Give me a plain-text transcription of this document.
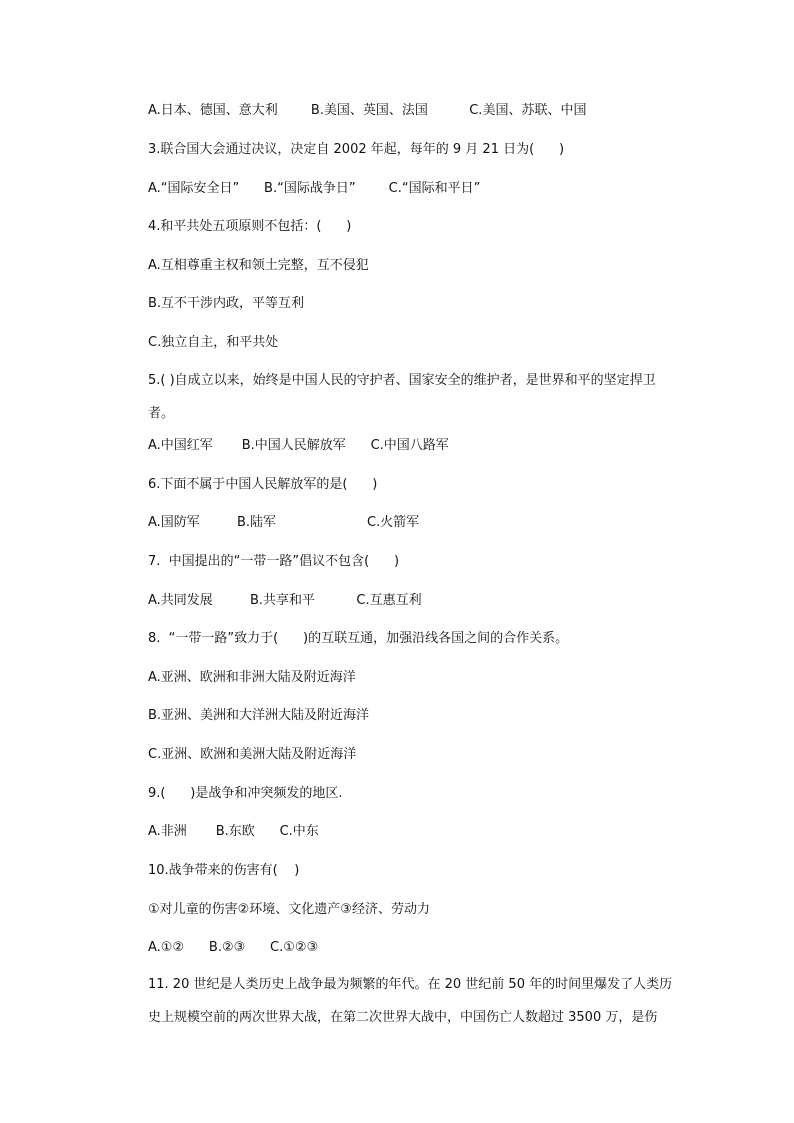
A.日本、德国、意大利        B.美国、英国、法国          C.美国、苏联、中国
3.联合国大会通过决议，决定自 2002 年起，每年的 9 月 21 日为(      )
A.“国际安全日”      B.“国际战争日”        C.“国际和平日”
4.和平共处五项原则不包括：(      )
A.互相尊重主权和领土完整，互不侵犯
B.互不干涉内政，平等互利
C.独立自主，和平共处
5.( )自成立以来，始终是中国人民的守护者、国家安全的维护者，是世界和平的坚定捍卫者。
A.中国红军       B.中国人民解放军      C.中国八路军
6.下面不属于中国人民解放军的是(      )
A.国防军         B.陆军                      C.火箭军
7.  中国提出的“一带一路”倡议不包含(      )
A.共同发展         B.共享和平          C.互惠互利
8.  “一带一路”致力于(      )的互联互通，加强沿线各国之间的合作关系。
A.亚洲、欧洲和非洲大陆及附近海洋
B.亚洲、美洲和大洋洲大陆及附近海洋
C.亚洲、欧洲和美洲大陆及附近海洋
9.(      )是战争和冲突频发的地区.
A.非洲       B.东欧      C.中东
10.战争带来的伤害有(    )
①对儿童的伤害②环境、文化遗产③经济、劳动力
A.①②      B.②③      C.①②③
11. 20 世纪是人类历史上战争最为频繁的年代。在 20 世纪前 50 年的时间里爆发了人类历史上规模空前的两次世界大战，在第二次世界大战中，中国伤亡人数超过 3500 万，是伤
